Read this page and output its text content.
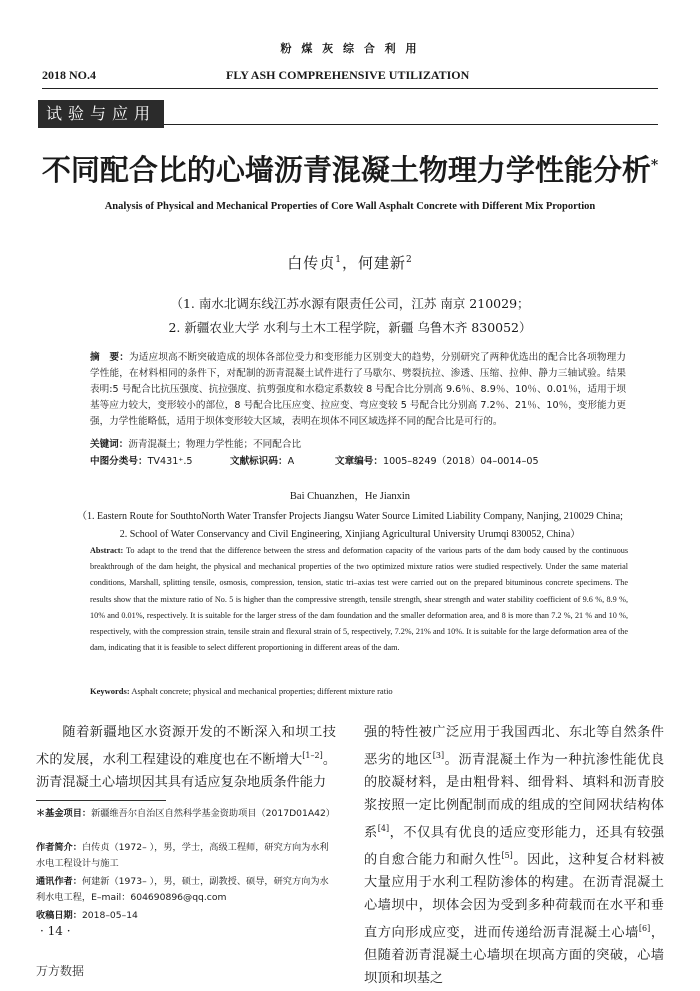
粉 煤 灰 综 合 利 用
2018 NO.4	FLY ASH COMPREHENSIVE UTILIZATION
试验与应用
不同配合比的心墙沥青混凝土物理力学性能分析*
Analysis of Physical and Mechanical Properties of Core Wall Asphalt Concrete with Different Mix Proportion
白传贞$^1$，何建新$^2$
（1. 南水北调东线江苏水源有限责任公司，江苏 南京 210029；
2. 新疆农业大学 水利与土木工程学院，新疆 乌鲁木齐 830052）
摘　要：为适应坝高不断突破造成的坝体各部位受力和变形能力区别变大的趋势，分别研究了两种优选出的配合比各项物理力学性能，在材料相同的条件下，对配制的沥青混凝土试件进行了马歇尔、劈裂抗拉、渗透、压缩、拉伸、静力三轴试验。结果表明:5 号配合比抗压强度、抗拉强度、抗剪强度和水稳定系数较 8 号配合比分别高 9.6％、8.9％、10％、0.01％，适用于坝基等应力较大，变形较小的部位，8 号配合比压应变、拉应变、弯应变较 5 号配合比分别高 7.2％、21％、10％，变形能力更强，力学性能略低，适用于坝体变形较大区域，表明在坝体不同区域选择不同的配合比是可行的。
关键词：沥青混凝土；物理力学性能；不同配合比
中图分类号：TV431⁺.5	文献标识码：A	文章编号：1005–8249（2018）04–0014–05
Bai Chuanzhen，He Jianxin
（1. Eastern Route for SouthtoNorth Water Transfer Projects Jiangsu Water Source Limited Liability Company, Nanjing, 210029 China;
2. School of Water Conservancy and Civil Engineering, Xinjiang Agricultural University Urumqi 830052, China）
Abstract: To adapt to the trend that the difference between the stress and deformation capacity of the various parts of the dam body caused by the continuous breakthrough of the dam height, the physical and mechanical properties of the two optimized mixture ratios were studied respectively. Under the same material conditions, Marshall, splitting tensile, osmosis, compression, tension, static tri–axias test were carried out on the prepared bituminous concrete specimens. The results show that the mixture ratio of No. 5 is higher than the compressive strength, tensile strength, shear strength and water stability coefficient of 9.6 %, 8.9 %, 10% and 0.01%, respectively. It is suitable for the larger stress of the dam foundation and the smaller deformation area, and 8 is more than 7.2 %, 21 % and 10 %, respectively, with the compression strain, tensile strain and flexural strain of 5, respectively, 7.2%, 21% and 10%. It is suitable for the large deformation area of the dam, indicating that it is feasible to select different proportioning in different areas of the dam.
Keywords: Asphalt concrete; physical and mechanical properties; different mixture ratio
随着新疆地区水资源开发的不断深入和坝工技术的发展，水利工程建设的难度也在不断增大[1–2]。沥青混凝土心墙坝因其具有适应复杂地质条件能力
强的特性被广泛应用于我国西北、东北等自然条件恶劣的地区[3]。沥青混凝土作为一种抗渗性能优良的胶凝材料，是由粗骨料、细骨料、填料和沥青胶浆按照一定比例配制而成的组成的空间网状结构体系[4]，不仅具有优良的适应变形能力，还具有较强的自愈合能力和耐久性[5]。因此，这种复合材料被大量应用于水利工程防渗体的构建。在沥青混凝土心墙坝中，坝体会因为受到多种荷载而在水平和垂直方向形成应变，进而传递给沥青混凝土心墙[6]，但随着沥青混凝土心墙坝在坝高方面的突破，心墙坝顶和坝基之
＊基金项目：新疆维吾尔自治区自然科学基金资助项目（2017D01A42）
作者简介：白传贞（1972– ），男，学士，高级工程师，研究方向为水利水电工程设计与施工
通讯作者：何建新（1973– ），男，硕士，副教授、硕导，研究方向为水利水电工程，E–mail：604690896@qq.com
收稿日期：2018–05–14
· 14 ·
万方数据
